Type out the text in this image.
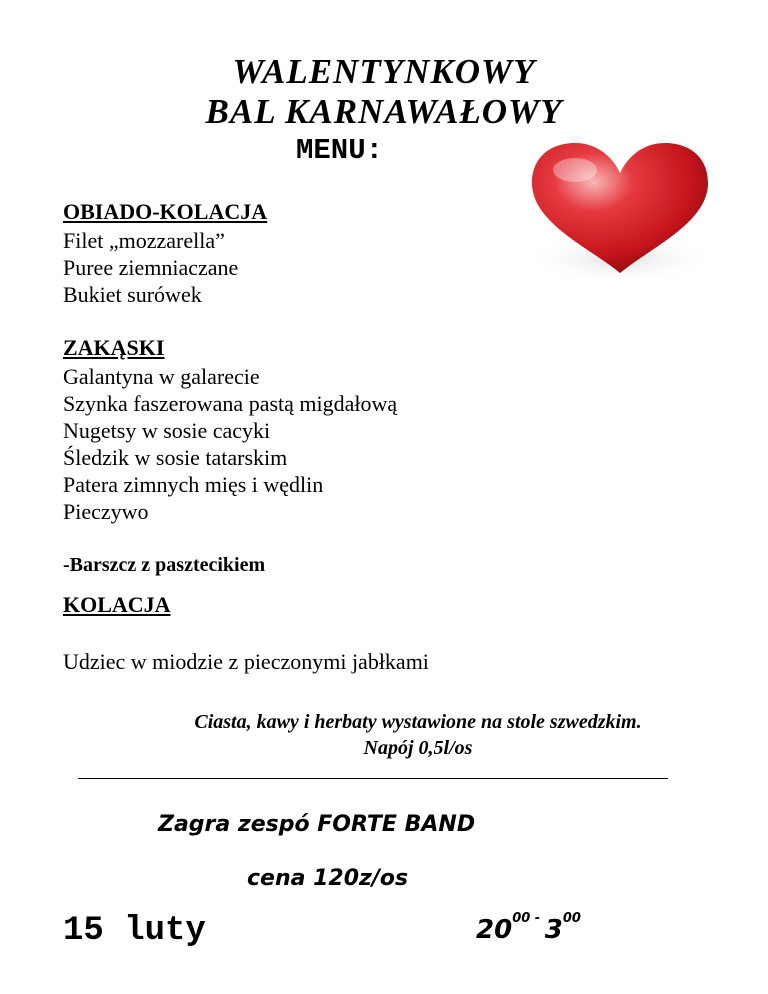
WALENTYNKOWY
BAL KARNAWAŁOWY
MENU:
OBIADO-KOLACJA
Filet „mozzarella”
Puree ziemniaczane
Bukiet surówek
ZAKĄSKI
Galantyna w galarecie
Szynka faszerowana pastą migdałową
Nugetsy w sosie cacyki
Śledzik w sosie tatarskim
Patera zimnych mięs i wędlin
Pieczywo
-Barszcz z pasztecikiem
KOLACJA
Udziec w miodzie z pieczonymi jabłkami
Ciasta, kawy i herbaty wystawione na stole szwedzkim.
Napój 0,5l/os
Zagra zespó FORTE BAND
cena 120z/os
15 luty	$20^{00}$ - $3^{00}$
